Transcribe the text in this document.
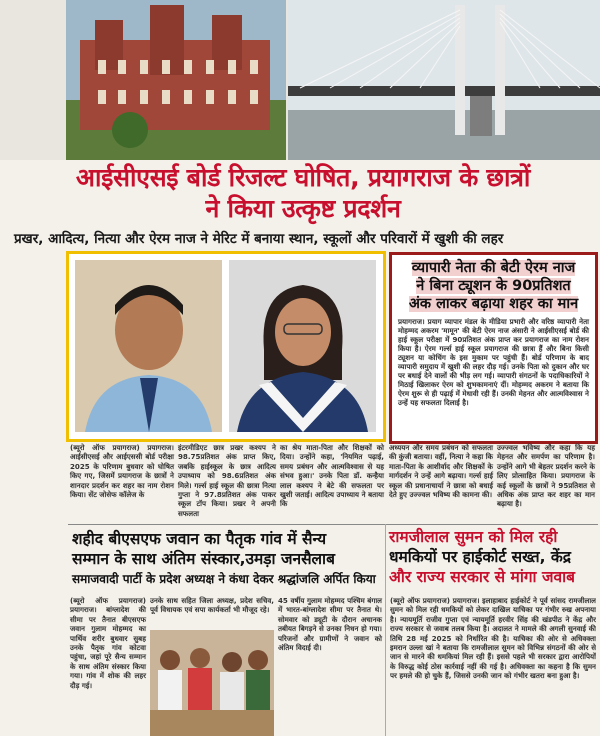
आईसीएसई बोर्ड रिजल्ट घोषित, प्रयागराज के छात्रों
ने किया उत्कृष्ट प्रदर्शन
प्रखर, आदित्य, नित्या और ऐरम नाज ने मेरिट में बनाया स्थान, स्कूलों और परिवारों में खुशी की लहर
व्यापारी नेता की बेटी ऐरम नाज
ने बिना ट्यूशन के 90प्रतिशत
अंक लाकर बढ़ाया शहर का मान
प्रयागराज। प्रयाग व्यापार मंडल के मीडिया प्रभारी और वरिष्ठ व्यापारी नेता मोहम्मद अकरम 'मामून' की बेटी ऐरम नाज अंसारी ने आईसीएसई बोर्ड की हाई स्कूल परीक्षा में 90प्रतिशत अंक प्राप्त कर प्रयागराज का नाम रोशन किया है। ऐरम गर्ल्स हाई स्कूल प्रयागराज की छात्रा हैं और बिना किसी ट्यूशन या कोचिंग के इस मुकाम पर पहुंची हैं। बोर्ड परिणाम के बाद व्यापारी समुदाय में खुशी की लहर दौड़ गई। उनके पिता को दुकान और घर पर बधाई देने वालों की भीड़ लग गई। व्यापारी संगठनों के पदाधिकारियों ने मिठाई खिलाकर ऐरम को शुभकामनाएं दीं। मोहम्मद अकरम ने बताया कि ऐरम शुरू से ही पढ़ाई में मेधावी रही हैं। उनकी मेहनत और आत्मविश्वास ने उन्हें यह सफलता दिलाई है।
(ब्यूरो ऑफ प्रयागराज) प्रयागराज। आईसीएसई और आईएससी बोर्ड परीक्षा 2025 के परिणाम बुधवार को घोषित किए गए, जिसमें प्रयागराज के छात्रों ने शानदार प्रदर्शन कर शहर का नाम रोशन किया। सेंट जोसेफ कॉलेज के
इंटरमीडिएट छात्र प्रखर कश्यप ने 98.75प्रतिशत अंक प्राप्त किए, जबकि हाईस्कूल के छात्र आदित्य उपाध्याय को 98.6प्रतिशत अंक मिले। गर्ल्स हाई स्कूल की छात्रा नित्या गुप्ता ने 97.8प्रतिशत अंक पाकर स्कूल टॉप किया। प्रखर ने अपनी सफलता
का श्रेय माता-पिता और शिक्षकों को दिया। उन्होंने कहा, 'नियमित पढ़ाई, समय प्रबंधन और आत्मविश्वास से यह संभव हुआ।' उनके पिता डॉ. कन्हैया लाल कश्यप ने बेटे की सफलता पर खुशी जताई। आदित्य उपाध्याय ने बताया कि
अध्ययन और समय प्रबंधन को सफलता की कुंजी बताया। वहीं, नित्या ने कहा कि माता-पिता के आशीर्वाद और शिक्षकों के मार्गदर्शन ने उन्हें आगे बढ़ाया। गर्ल्स हाई स्कूल की प्रधानाचार्या ने छात्रा को बधाई देते हुए उज्ज्वल भविष्य की कामना की।
उज्ज्वल भविष्य और कहा कि यह मेहनत और समर्पण का परिणाम है। उन्होंने आगे भी बेहतर प्रदर्शन करने के लिए प्रोत्साहित किया। प्रयागराज के कई स्कूलों के छात्रों ने 95प्रतिशत से अधिक अंक प्राप्त कर शहर का मान बढ़ाया है।
शहीद बीएसएफ जवान का पैतृक गांव में सैन्य
सम्मान के साथ अंतिम संस्कार,उमड़ा जनसैलाब
समाजवादी पार्टी के प्रदेश अध्यक्ष ने कंधा देकर श्रद्धांजलि अर्पित किया
(ब्यूरो ऑफ प्रयागराज) प्रयागराज। बांग्लादेश की सीमा पर तैनात बीएसएफ जवान गुलाम मोहम्मद का पार्थिव शरीर बुधवार सुबह उनके पैतृक गांव कोटवा पहुंचा, जहां पूरे सैन्य सम्मान के साथ अंतिम संस्कार किया गया। गांव में शोक की लहर दौड़ गई।
उनके साथ सहित जिला अध्यक्ष, प्रदेश सचिव, पूर्व विधायक एवं सपा कार्यकर्ता भी मौजूद रहे।
45 वर्षीय गुलाम मोहम्मद पश्चिम बंगाल में भारत-बांग्लादेश सीमा पर तैनात थे। सोमवार को ड्यूटी के दौरान अचानक तबीयत बिगड़ने से उनका निधन हो गया। परिजनों और ग्रामीणों ने जवान को अंतिम विदाई दी।
रामजीलाल सुमन को मिल रही
धमकियों पर हाईकोर्ट सख्त, केंद्र
और राज्य सरकार से मांगा जवाब
(ब्यूरो ऑफ प्रयागराज) प्रयागराज। इलाहाबाद हाईकोर्ट ने पूर्व सांसद रामजीलाल सुमन को मिल रही धमकियों को लेकर दाखिल याचिका पर गंभीर रुख अपनाया है। न्यायमूर्ति राजीव गुप्ता एवं न्यायमूर्ति हरवीर सिंह की खंडपीठ ने केंद्र और राज्य सरकार से जवाब तलब किया है। अदालत ने मामले की अगली सुनवाई की तिथि 28 मई 2025 को निर्धारित की है। याचिका की ओर से अधिवक्ता इमरान उल्ला खां ने बताया कि रामजीलाल सुमन को विभिन्न संगठनों की ओर से जान से मारने की धमकियां मिल रही हैं। इससे पहले भी सरकार द्वारा आरोपियों के विरुद्ध कोई ठोस कार्रवाई नहीं की गई है। अधिवक्ता का कहना है कि सुमन पर हमले की हो चुके हैं, जिससे उनकी जान को गंभीर खतरा बना हुआ है।
